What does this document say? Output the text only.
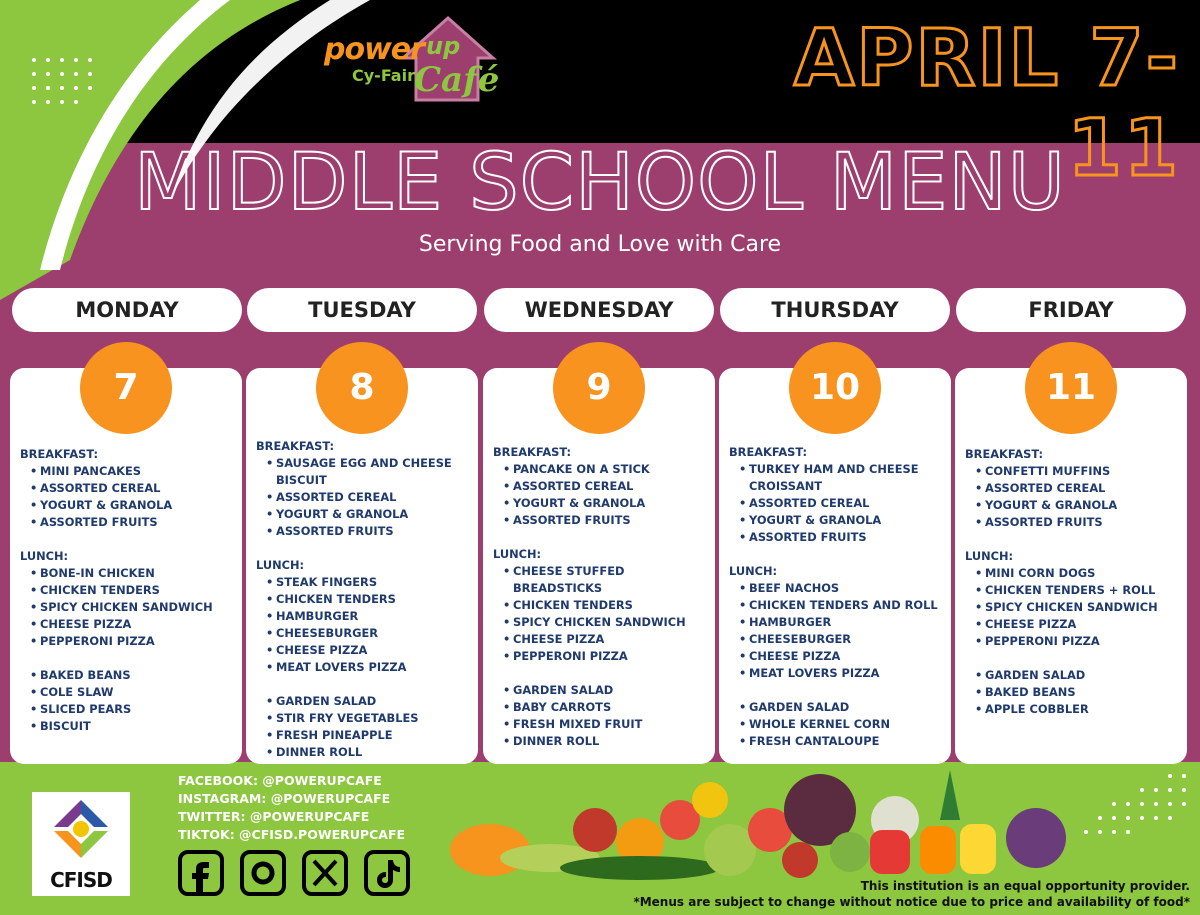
power up
Cy-Fair Café	APRIL 7-11
MIDDLE SCHOOL MENU
Serving Food and Love with Care
MONDAY	TUESDAY	WEDNESDAY	THURSDAY	FRIDAY
BREAKFAST:
• MINI PANCAKES
• ASSORTED CEREAL
• YOGURT & GRANOLA
• ASSORTED FRUITS
LUNCH:
• BONE-IN CHICKEN
• CHICKEN TENDERS
• SPICY CHICKEN SANDWICH
• CHEESE PIZZA
• PEPPERONI PIZZA
• BAKED BEANS
• COLE SLAW
• SLICED PEARS
• BISCUIT
BREAKFAST:
• SAUSAGE EGG AND CHEESE BISCUIT
• ASSORTED CEREAL
• YOGURT & GRANOLA
• ASSORTED FRUITS
LUNCH:
• STEAK FINGERS
• CHICKEN TENDERS
• HAMBURGER
• CHEESEBURGER
• CHEESE PIZZA
• MEAT LOVERS PIZZA
• GARDEN SALAD
• STIR FRY VEGETABLES
• FRESH PINEAPPLE
• DINNER ROLL
BREAKFAST:
• PANCAKE ON A STICK
• ASSORTED CEREAL
• YOGURT & GRANOLA
• ASSORTED FRUITS
LUNCH:
• CHEESE STUFFED BREADSTICKS
• CHICKEN TENDERS
• SPICY CHICKEN SANDWICH
• CHEESE PIZZA
• PEPPERONI PIZZA
• GARDEN SALAD
• BABY CARROTS
• FRESH MIXED FRUIT
• DINNER ROLL
BREAKFAST:
• TURKEY HAM AND CHEESE CROISSANT
• ASSORTED CEREAL
• YOGURT & GRANOLA
• ASSORTED FRUITS
LUNCH:
• BEEF NACHOS
• CHICKEN TENDERS AND ROLL
• HAMBURGER
• CHEESEBURGER
• CHEESE PIZZA
• MEAT LOVERS PIZZA
• GARDEN SALAD
• WHOLE KERNEL CORN
• FRESH CANTALOUPE
BREAKFAST:
• CONFETTI MUFFINS
• ASSORTED CEREAL
• YOGURT & GRANOLA
• ASSORTED FRUITS
LUNCH:
• MINI CORN DOGS
• CHICKEN TENDERS + ROLL
• SPICY CHICKEN SANDWICH
• CHEESE PIZZA
• PEPPERONI PIZZA
• GARDEN SALAD
• BAKED BEANS
• APPLE COBBLER
7	8	9	10	11
CFISD
FACEBOOK: @POWERUPCAFE
INSTAGRAM: @POWERUPCAFE
TWITTER: @POWERUPCAFE
TIKTOK: @CFISD.POWERUPCAFE
This institution is an equal opportunity provider.
*Menus are subject to change without notice due to price and availability of food*
